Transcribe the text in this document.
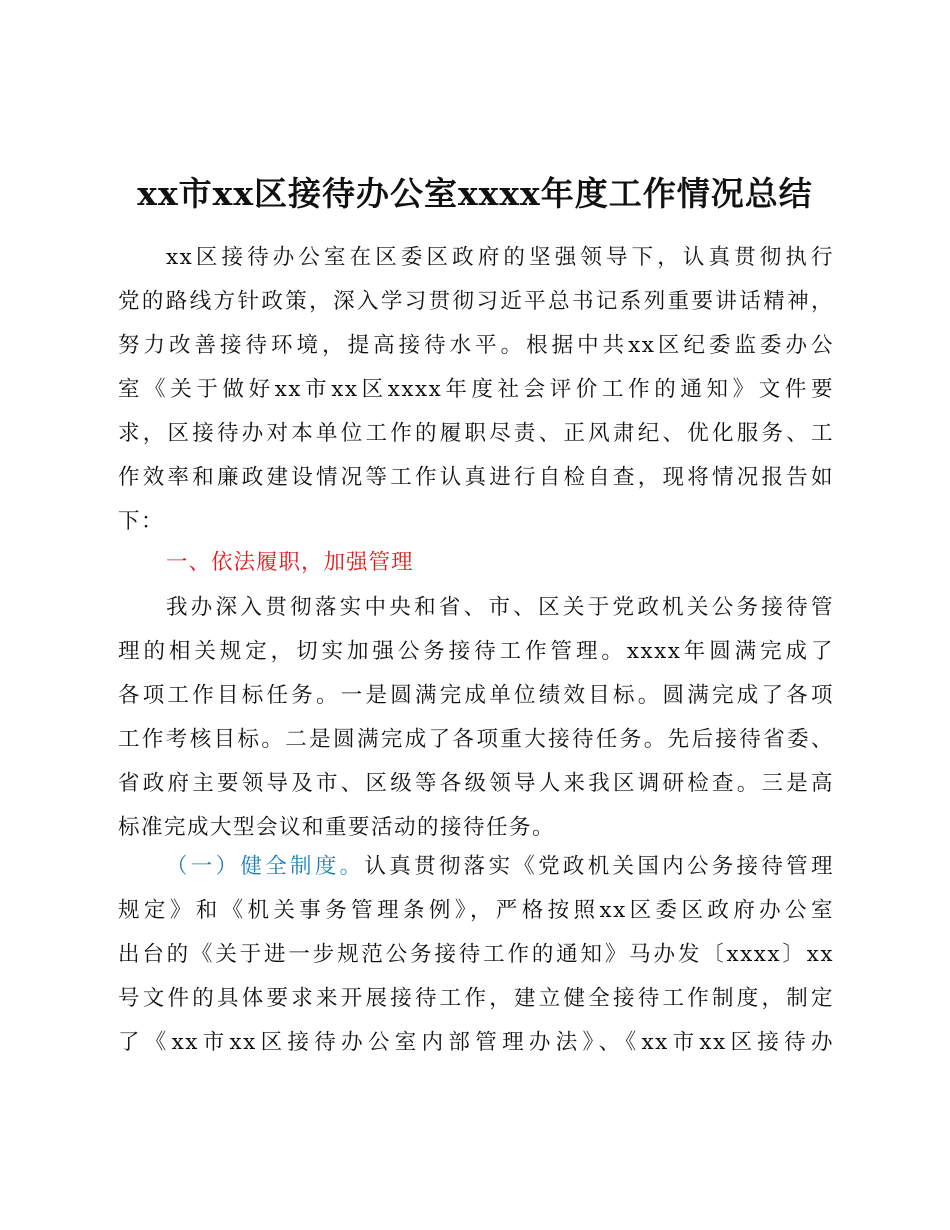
xx市xx区接待办公室xxxx年度工作情况总结
xx区接待办公室在区委区政府的坚强领导下，认真贯彻执行
党的路线方针政策，深入学习贯彻习近平总书记系列重要讲话精神，
努力改善接待环境，提高接待水平。根据中共xx区纪委监委办公
室《关于做好xx市xx区xxxx年度社会评价工作的通知》文件要
求，区接待办对本单位工作的履职尽责、正风肃纪、优化服务、工
作效率和廉政建设情况等工作认真进行自检自查，现将情况报告如
下：
一、依法履职，加强管理
我办深入贯彻落实中央和省、市、区关于党政机关公务接待管
理的相关规定，切实加强公务接待工作管理。xxxx年圆满完成了
各项工作目标任务。一是圆满完成单位绩效目标。圆满完成了各项
工作考核目标。二是圆满完成了各项重大接待任务。先后接待省委、
省政府主要领导及市、区级等各级领导人来我区调研检查。三是高
标准完成大型会议和重要活动的接待任务。
（一）健全制度。认真贯彻落实《党政机关国内公务接待管理
规定》和《机关事务管理条例》，严格按照xx区委区政府办公室
出台的《关于进一步规范公务接待工作的通知》马办发〔xxxx〕xx
号文件的具体要求来开展接待工作，建立健全接待工作制度，制定
了《xx市xx区接待办公室内部管理办法》、《xx市xx区接待办
